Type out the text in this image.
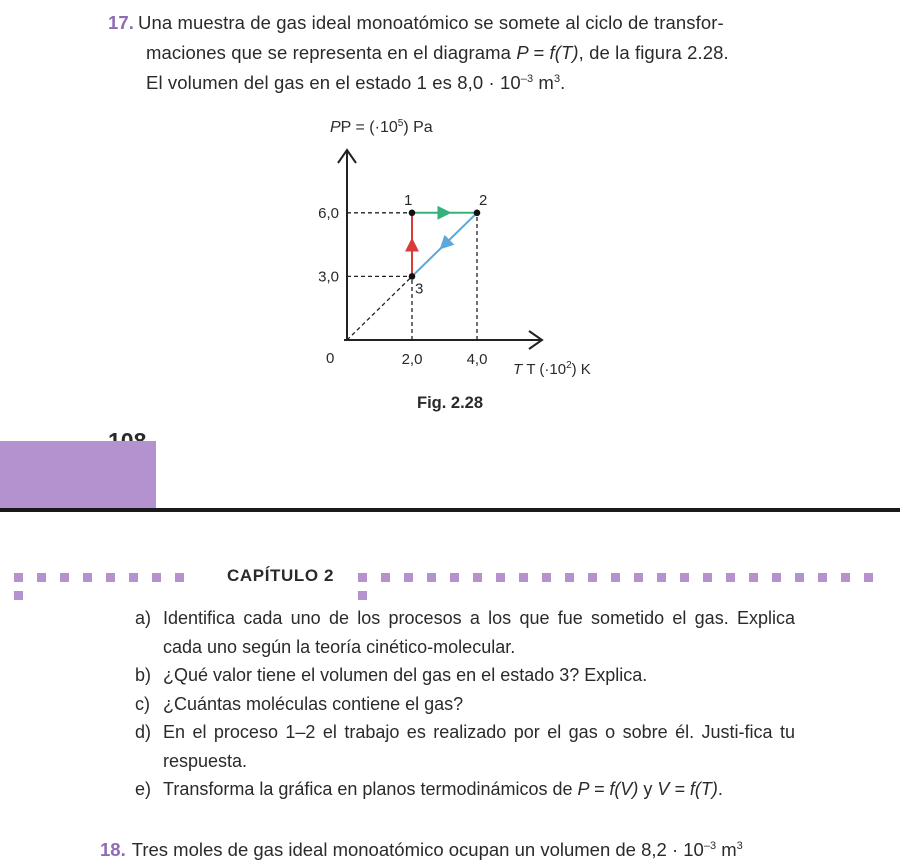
17. Una muestra de gas ideal monoatómico se somete al ciclo de transfor-
maciones que se representa en el diagrama P = f(T), de la figura 2.28.
El volumen del gas en el estado 1 es $8,0 \cdot 10^{-3}$ $m^3$.
PP = $(\cdot 10^5)$ Pa
1	2
3
3,0
6,0
2,0	4,0
0
T T $(\cdot 10^2)$ K
Fig. 2.28
CAPÍTULO 2
a) Identifica cada uno de los procesos a los que fue sometido el gas. Explica cada uno según la teoría cinético-molecular.
b) ¿Qué valor tiene el volumen del gas en el estado 3? Explica.
c) ¿Cuántas moléculas contiene el gas?
d) En el proceso 1–2 el trabajo es realizado por el gas o sobre él. Justi-fica tu respuesta.
e) Transforma la gráfica en planos termodinámicos de P = f(V) y V = f(T).
18. Tres moles de gas ideal monoatómico ocupan un volumen de $8,2 \cdot 10^{-3}$ $m^3$
